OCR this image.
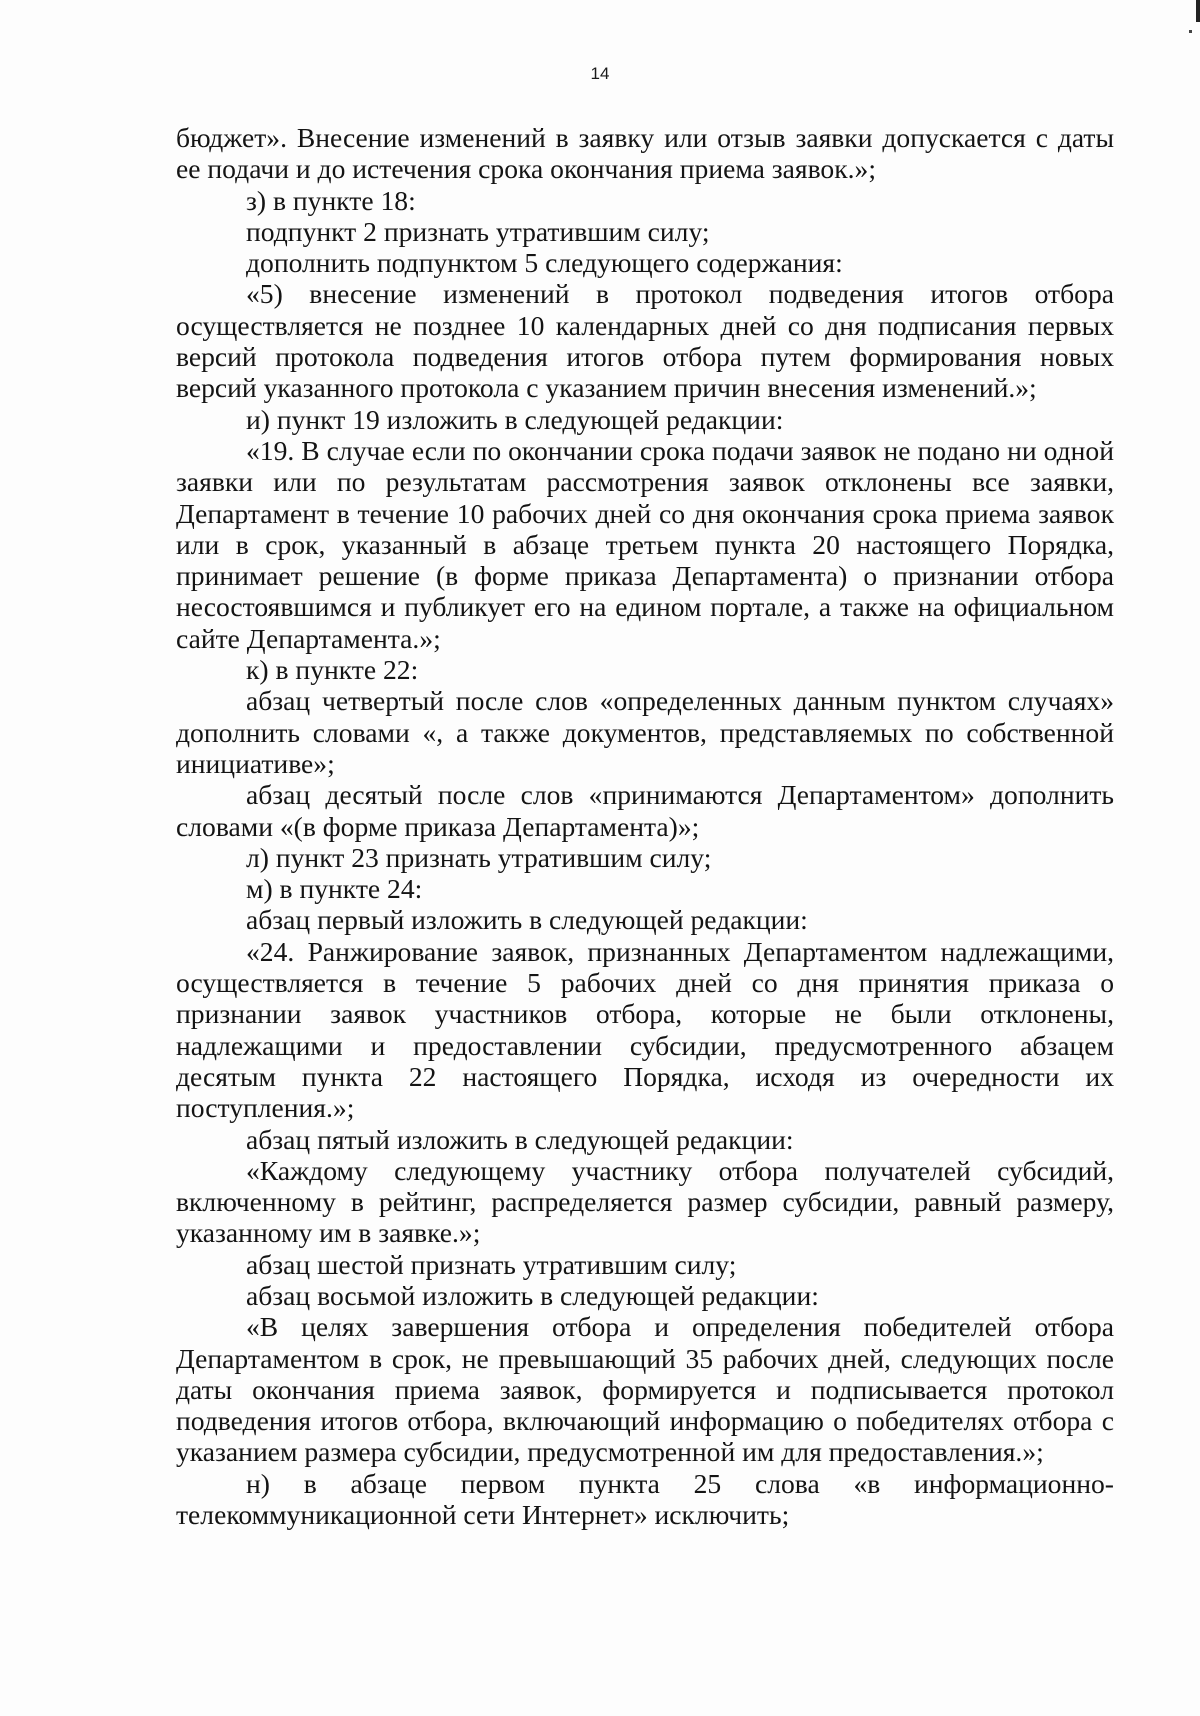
14

бюджет». Внесение изменений в заявку или отзыв заявки допускается с даты ее подачи и до истечения срока окончания приема заявок.»;

з) в пункте 18:

подпункт 2 признать утратившим силу;

дополнить подпунктом 5 следующего содержания:

«5) внесение изменений в протокол подведения итогов отбора осуществляется не позднее 10 календарных дней со дня подписания первых версий протокола подведения итогов отбора путем формирования новых версий указанного протокола с указанием причин внесения изменений.»;

и) пункт 19 изложить в следующей редакции:

«19. В случае если по окончании срока подачи заявок не подано ни одной заявки или по результатам рассмотрения заявок отклонены все заявки, Департамент в течение 10 рабочих дней со дня окончания срока приема заявок или в срок, указанный в абзаце третьем пункта 20 настоящего Порядка, принимает решение (в форме приказа Департамента) о признании отбора несостоявшимся и публикует его на едином портале, а также на официальном сайте Департамента.»;

к) в пункте 22:

абзац четвертый после слов «определенных данным пунктом случаях» дополнить словами «, а также документов, представляемых по собственной инициативе»;

абзац десятый после слов «принимаются Департаментом» дополнить словами «(в форме приказа Департамента)»;

л) пункт 23 признать утратившим силу;

м) в пункте 24:

абзац первый изложить в следующей редакции:

«24. Ранжирование заявок, признанных Департаментом надлежащими, осуществляется в течение 5 рабочих дней со дня принятия приказа о признании заявок участников отбора, которые не были отклонены, надлежащими и предоставлении субсидии, предусмотренного абзацем десятым пункта 22 настоящего Порядка, исходя из очередности их поступления.»;

абзац пятый изложить в следующей редакции:

«Каждому следующему участнику отбора получателей субсидий, включенному в рейтинг, распределяется размер субсидии, равный размеру, указанному им в заявке.»;

абзац шестой признать утратившим силу;

абзац восьмой изложить в следующей редакции:

«В целях завершения отбора и определения победителей отбора Департаментом в срок, не превышающий 35 рабочих дней, следующих после даты окончания приема заявок, формируется и подписывается протокол подведения итогов отбора, включающий информацию о победителях отбора с указанием размера субсидии, предусмотренной им для предоставления.»;

н) в абзаце первом пункта 25 слова «в информационно-телекоммуникационной сети Интернет» исключить;
